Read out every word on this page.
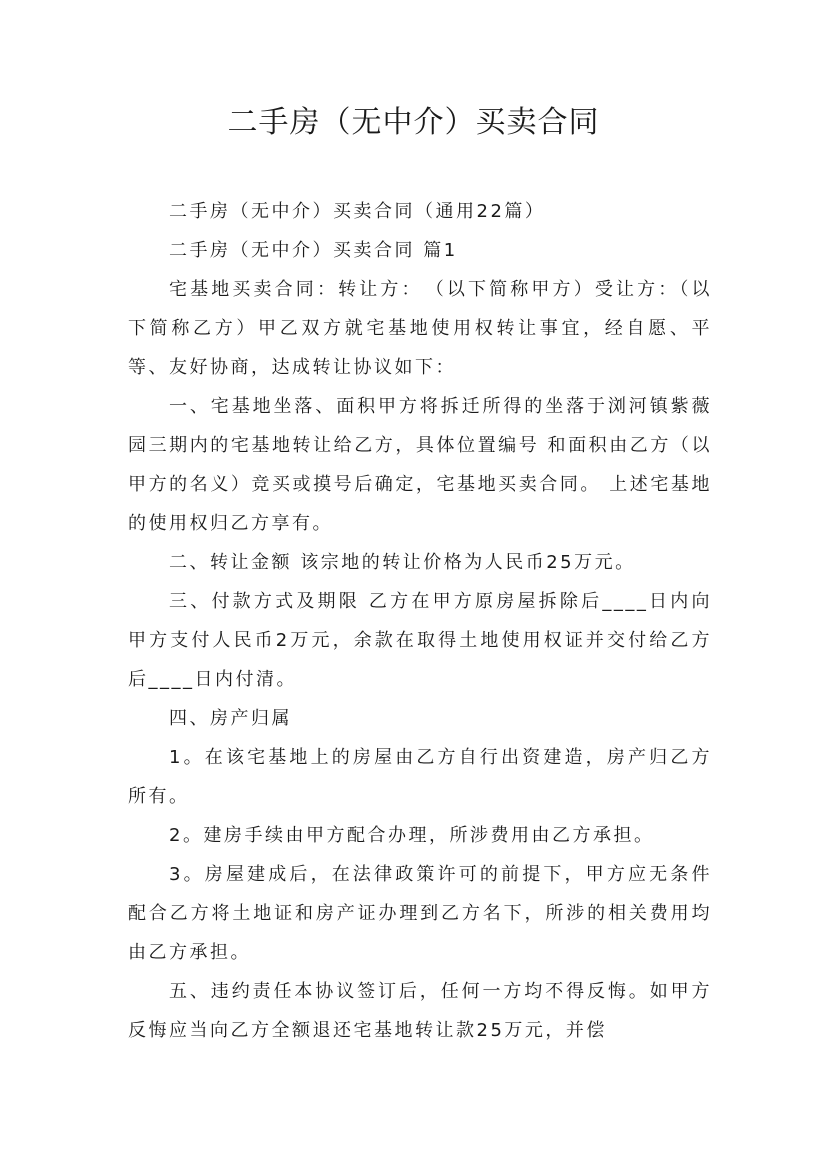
二手房（无中介）买卖合同

二手房（无中介）买卖合同（通用22篇）

二手房（无中介）买卖合同 篇1

宅基地买卖合同：转让方：　（以下简称甲方）受让方：（以下简称乙方）甲乙双方就宅基地使用权转让事宜，经自愿、平等、友好协商，达成转让协议如下：

一、宅基地坐落、面积甲方将拆迁所得的坐落于浏河镇紫薇园三期内的宅基地转让给乙方，具体位置编号 和面积由乙方（以甲方的名义）竞买或摸号后确定，宅基地买卖合同。 上述宅基地的使用权归乙方享有。

二、转让金额 该宗地的转让价格为人民币25万元。

三、付款方式及期限 乙方在甲方原房屋拆除后____日内向甲方支付人民币2万元，余款在取得土地使用权证并交付给乙方后____日内付清。

四、房产归属

1。在该宅基地上的房屋由乙方自行出资建造，房产归乙方所有。

2。建房手续由甲方配合办理，所涉费用由乙方承担。

3。房屋建成后，在法律政策许可的前提下，甲方应无条件配合乙方将土地证和房产证办理到乙方名下，所涉的相关费用均由乙方承担。

五、违约责任本协议签订后，任何一方均不得反悔。如甲方反悔应当向乙方全额退还宅基地转让款25万元，并偿
